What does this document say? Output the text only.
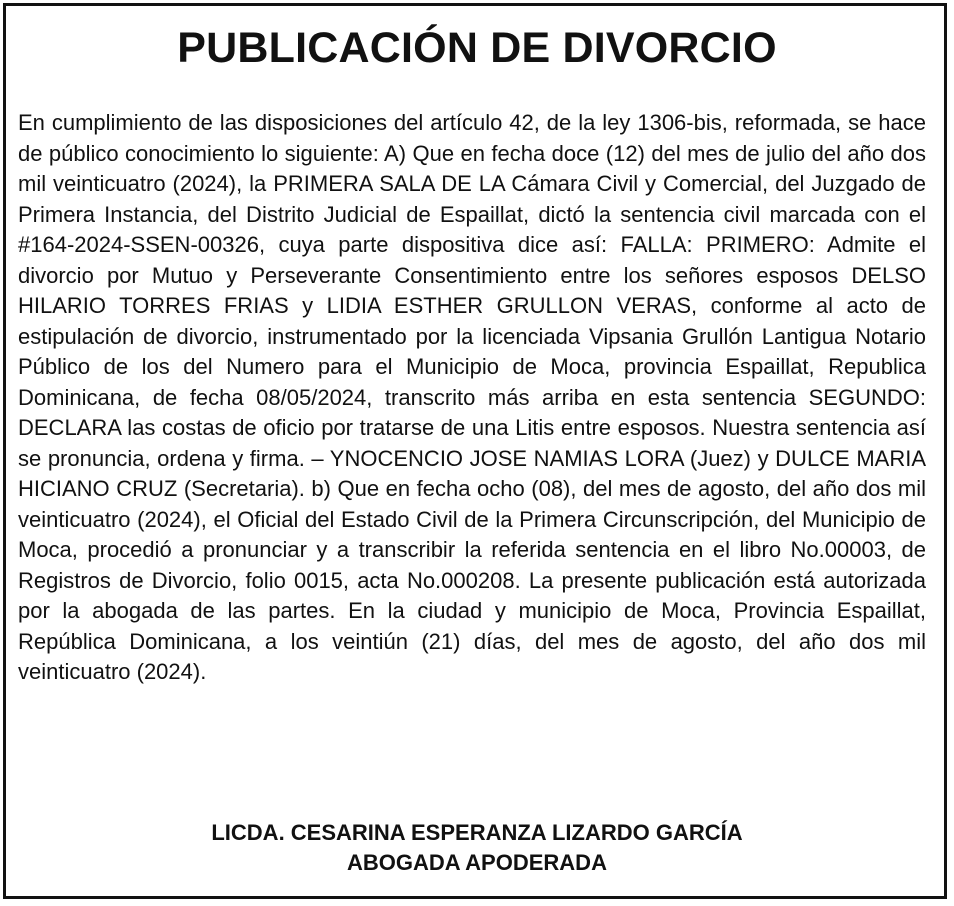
PUBLICACIÓN DE DIVORCIO

En cumplimiento de las disposiciones del artículo 42, de la ley 1306-bis, reformada, se hace de público conocimiento lo siguiente: A) Que en fecha doce (12) del mes de julio del año dos mil veinticuatro (2024), la PRIMERA SALA DE LA Cámara Civil y Comercial, del Juzgado de Primera Instancia, del Distrito Judicial de Espaillat, dictó la sentencia civil marcada con el #164-2024-SSEN-00326, cuya parte dispositiva dice así: FALLA: PRIMERO: Admite el divorcio por Mutuo y Perseverante Consentimiento entre los señores esposos DELSO HILARIO TORRES FRIAS y LIDIA ESTHER GRULLON VERAS, conforme al acto de estipulación de divorcio, instrumentado por la licenciada Vipsania Grullón Lantigua Notario Público de los del Numero para el Municipio de Moca, provincia Espaillat, Republica Dominicana, de fecha 08/05/2024, transcrito más arriba en esta sentencia SEGUNDO: DECLARA las costas de oficio por tratarse de una Litis entre esposos. Nuestra sentencia así se pronuncia, ordena y firma. – YNOCENCIO JOSE NAMIAS LORA (Juez) y DULCE MARIA HICIANO CRUZ (Secretaria). b) Que en fecha ocho (08), del mes de agosto, del año dos mil veinticuatro (2024), el Oficial del Estado Civil de la Primera Circunscripción, del Municipio de Moca, procedió a pronunciar y a transcribir la referida sentencia en el libro No.00003, de Registros de Divorcio, folio 0015, acta No.000208. La presente publicación está autorizada por la abogada de las partes. En la ciudad y municipio de Moca, Provincia Espaillat, República Dominicana, a los veintiún (21) días, del mes de agosto, del año dos mil veinticuatro (2024).

LICDA. CESARINA ESPERANZA LIZARDO GARCÍA
ABOGADA APODERADA
